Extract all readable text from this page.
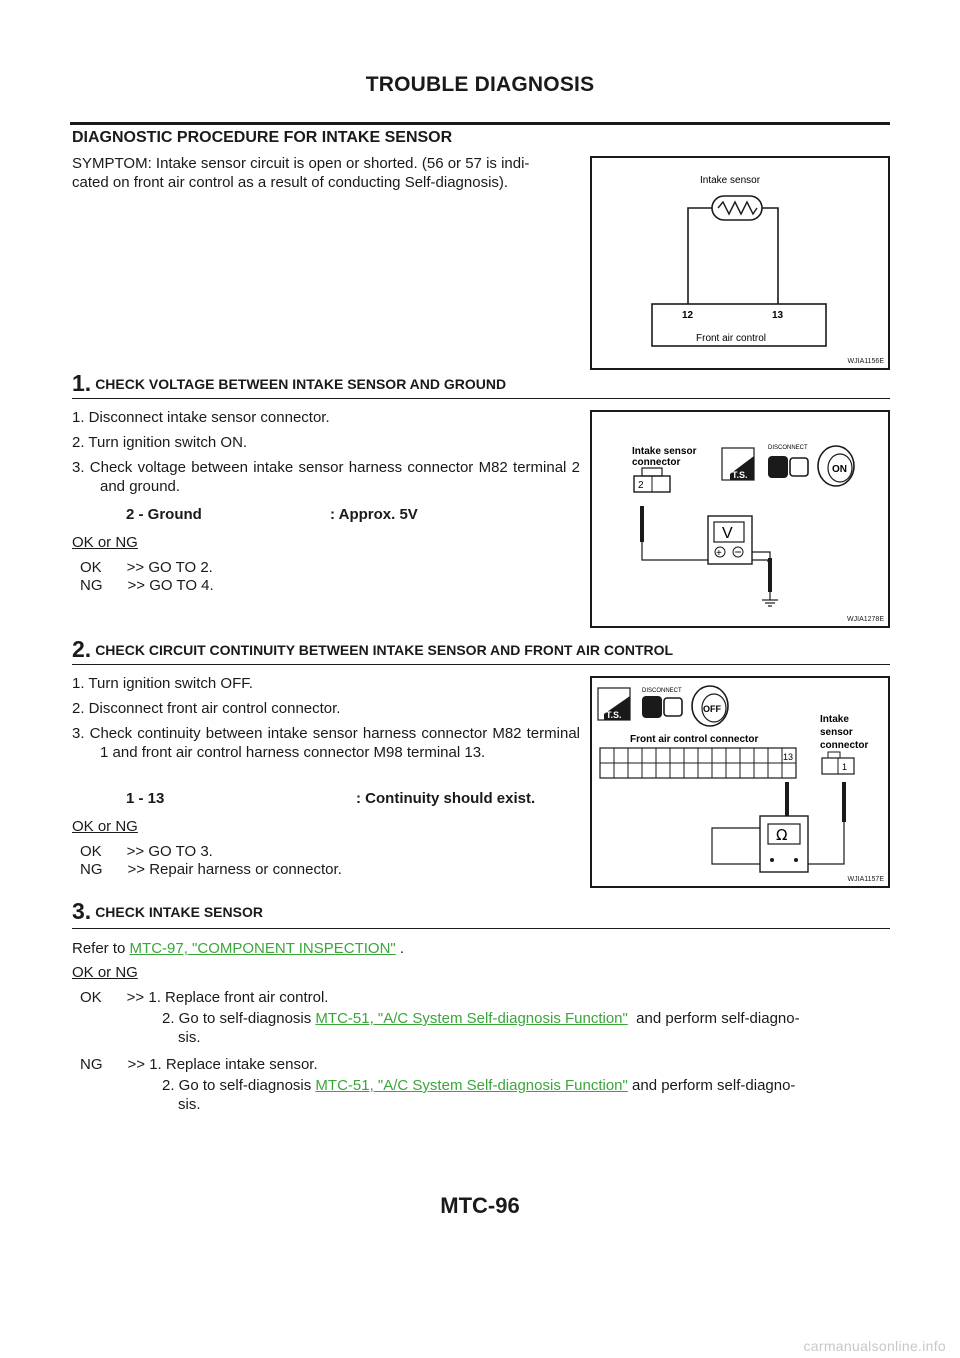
TROUBLE DIAGNOSIS
DIAGNOSTIC PROCEDURE FOR INTAKE SENSOR
SYMPTOM: Intake sensor circuit is open or shorted. (56 or 57 is indi-
cated on front air control as a result of conducting Self-diagnosis).	Intake sensor
12	13
Front air control
WJIA1156E
1. CHECK VOLTAGE BETWEEN INTAKE SENSOR AND GROUND
1. Disconnect intake sensor connector.
2. Turn ignition switch ON.
3. Check voltage between intake sensor harness connector M82 terminal 2 and ground.
2 - Ground	: Approx. 5V
OK or NG
OK      >> GO TO 2.
NG      >> GO TO 4.
Intake sensor
connector
2
V
+
T.S.
DISCONNECT
ON
WJIA1278E
2. CHECK CIRCUIT CONTINUITY BETWEEN INTAKE SENSOR AND FRONT AIR CONTROL
1. Turn ignition switch OFF.
2. Disconnect front air control connector.
3. Check continuity between intake sensor harness connector M82 terminal 1 and front air control harness connector M98 terminal 13.
1 - 13	: Continuity should exist.
OK or NG
OK      >> GO TO 3.
NG      >> Repair harness or connector.
T.S.
DISCONNECT
OFF
Front air control connector
13
Intake
sensor
connector
1
Ω
WJIA1157E
3. CHECK INTAKE SENSOR
Refer to MTC-97, "COMPONENT INSPECTION" .
OK or NG
OK      >> 1. Replace front air control.
2. Go to self-diagnosis MTC-51, "A/C System Self-diagnosis Function"  and perform self-diagno-
sis.
NG      >> 1. Replace intake sensor.
2. Go to self-diagnosis MTC-51, "A/C System Self-diagnosis Function" and perform self-diagno-
sis.
MTC-96
carmanualsonline.info
